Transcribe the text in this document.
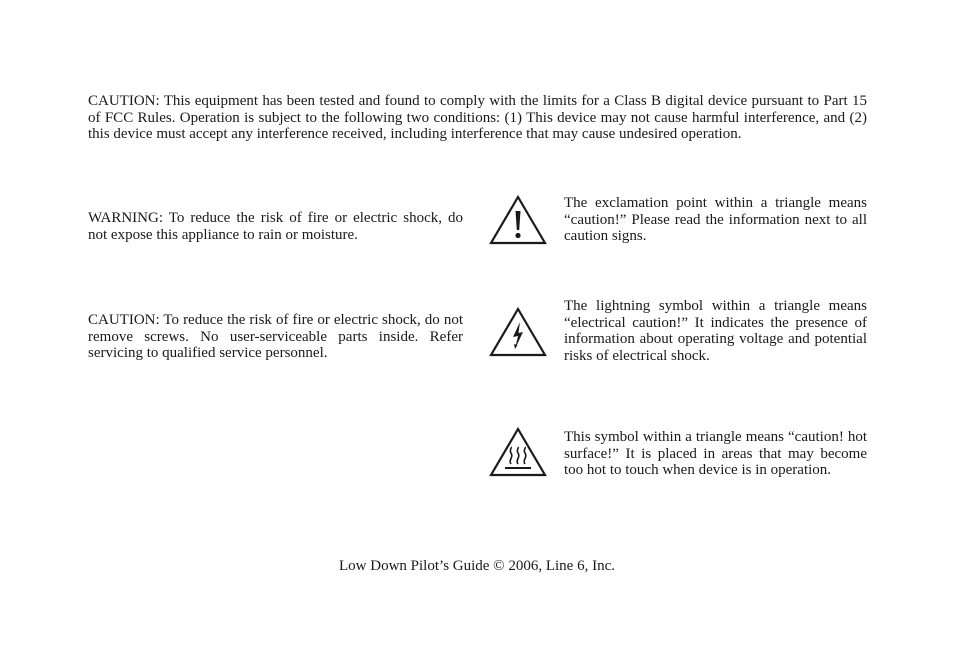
CAUTION: This equipment has been tested and found to comply with the limits for a Class B digital device pursuant to Part 15 of FCC Rules. Operation is subject to the following two conditions: (1) This device may not cause harmful interference, and (2) this device must accept any interference received, including interference that may cause undesired operation.

WARNING: To reduce the risk of fire or electric shock, do not expose this appliance to rain or moisture.

CAUTION: To reduce the risk of fire or electric shock, do not remove screws. No user-serviceable parts inside. Refer servicing to qualified service personnel.

The exclamation point within a triangle means “caution!” Please read the information next to all caution signs.

The lightning symbol within a triangle means “electrical caution!” It indicates the presence of information about operating voltage and potential risks of electrical shock.

This symbol within a triangle means “caution! hot surface!” It is placed in areas that may become too hot to touch when device is in operation.

Low Down Pilot’s Guide © 2006, Line 6, Inc.
